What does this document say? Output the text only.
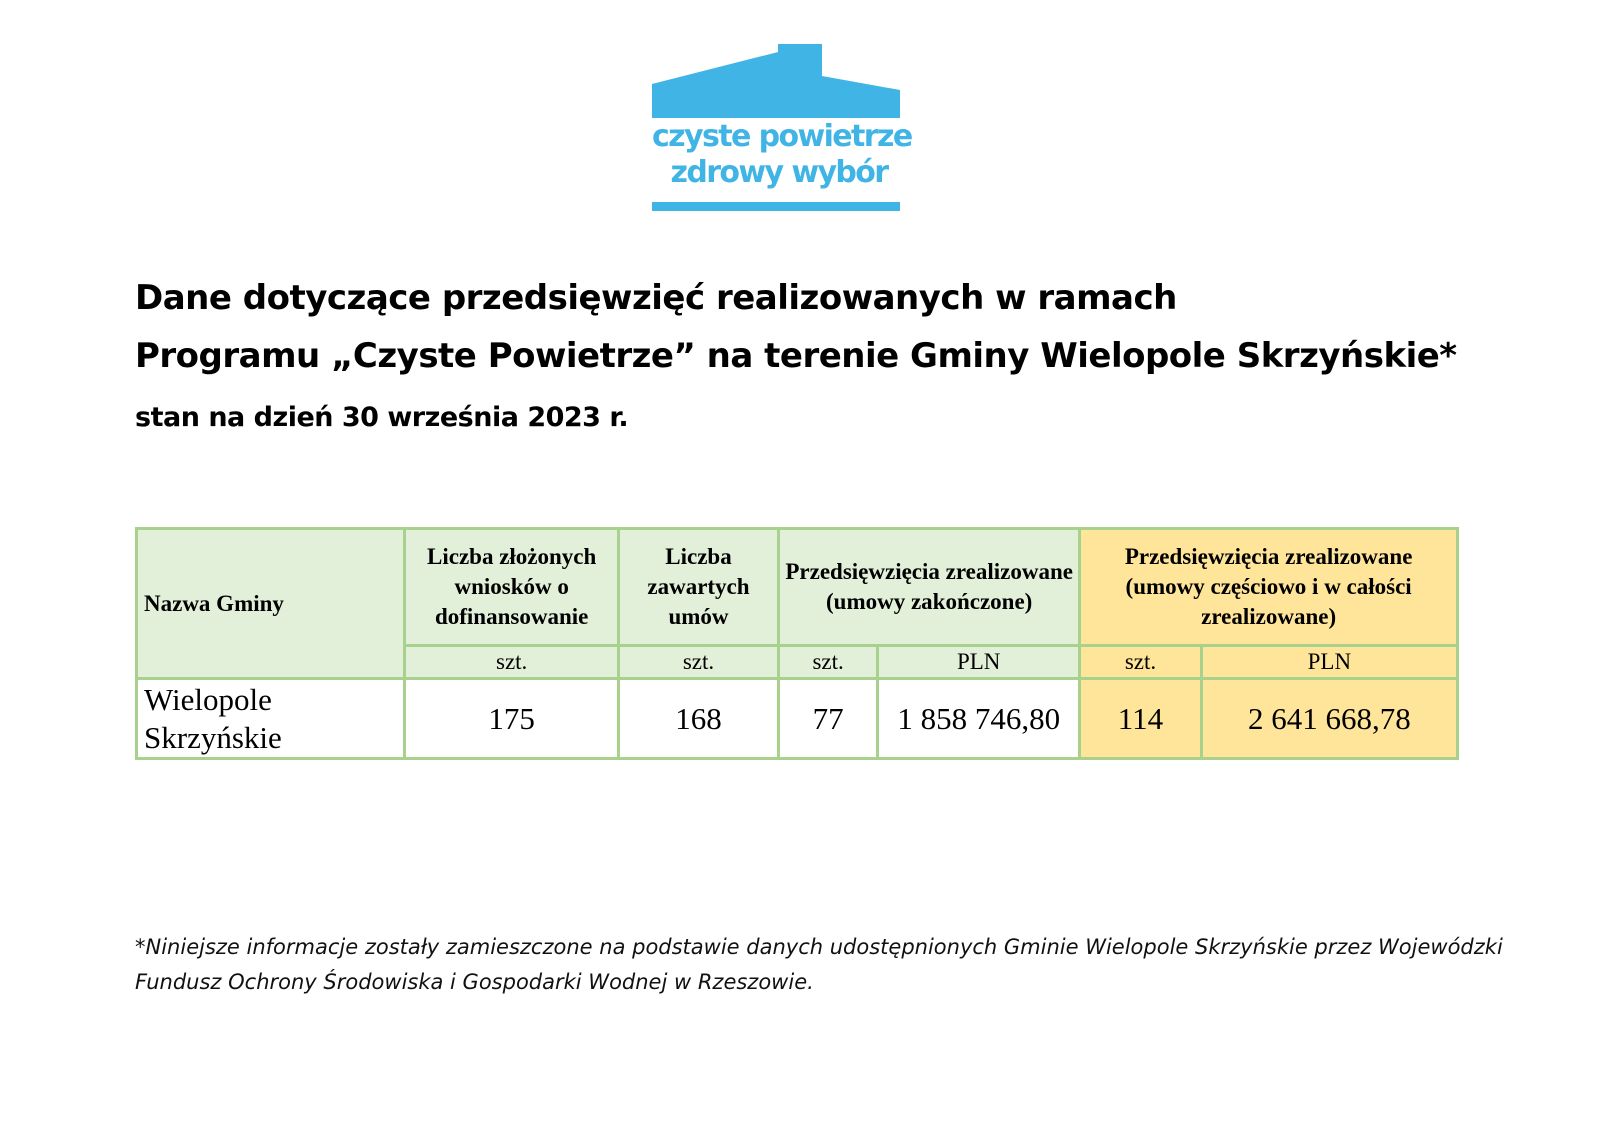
czyste powietrze
zdrowy wybór
Dane dotyczące przedsięwzięć realizowanych w ramach
Programu „Czyste Powietrze” na terenie Gminy Wielopole Skrzyńskie*
stan na dzień 30 września 2023 r.
Nazwa Gminy	Liczba złożonych wniosków o dofinansowanie	Liczba zawartych umów	Przedsięwzięcia zrealizowane (umowy zakończone)		Przedsięwzięcia zrealizowane (umowy częściowo i w całości zrealizowane)	
	szt.	szt.	szt.	PLN	szt.	PLN
Wielopole Skrzyńskie	175	168	77	1 858 746,80	114	2 641 668,78
*Niniejsze informacje zostały zamieszczone na podstawie danych udostępnionych Gminie Wielopole Skrzyńskie przez Wojewódzki Fundusz Ochrony Środowiska i Gospodarki Wodnej w Rzeszowie.
